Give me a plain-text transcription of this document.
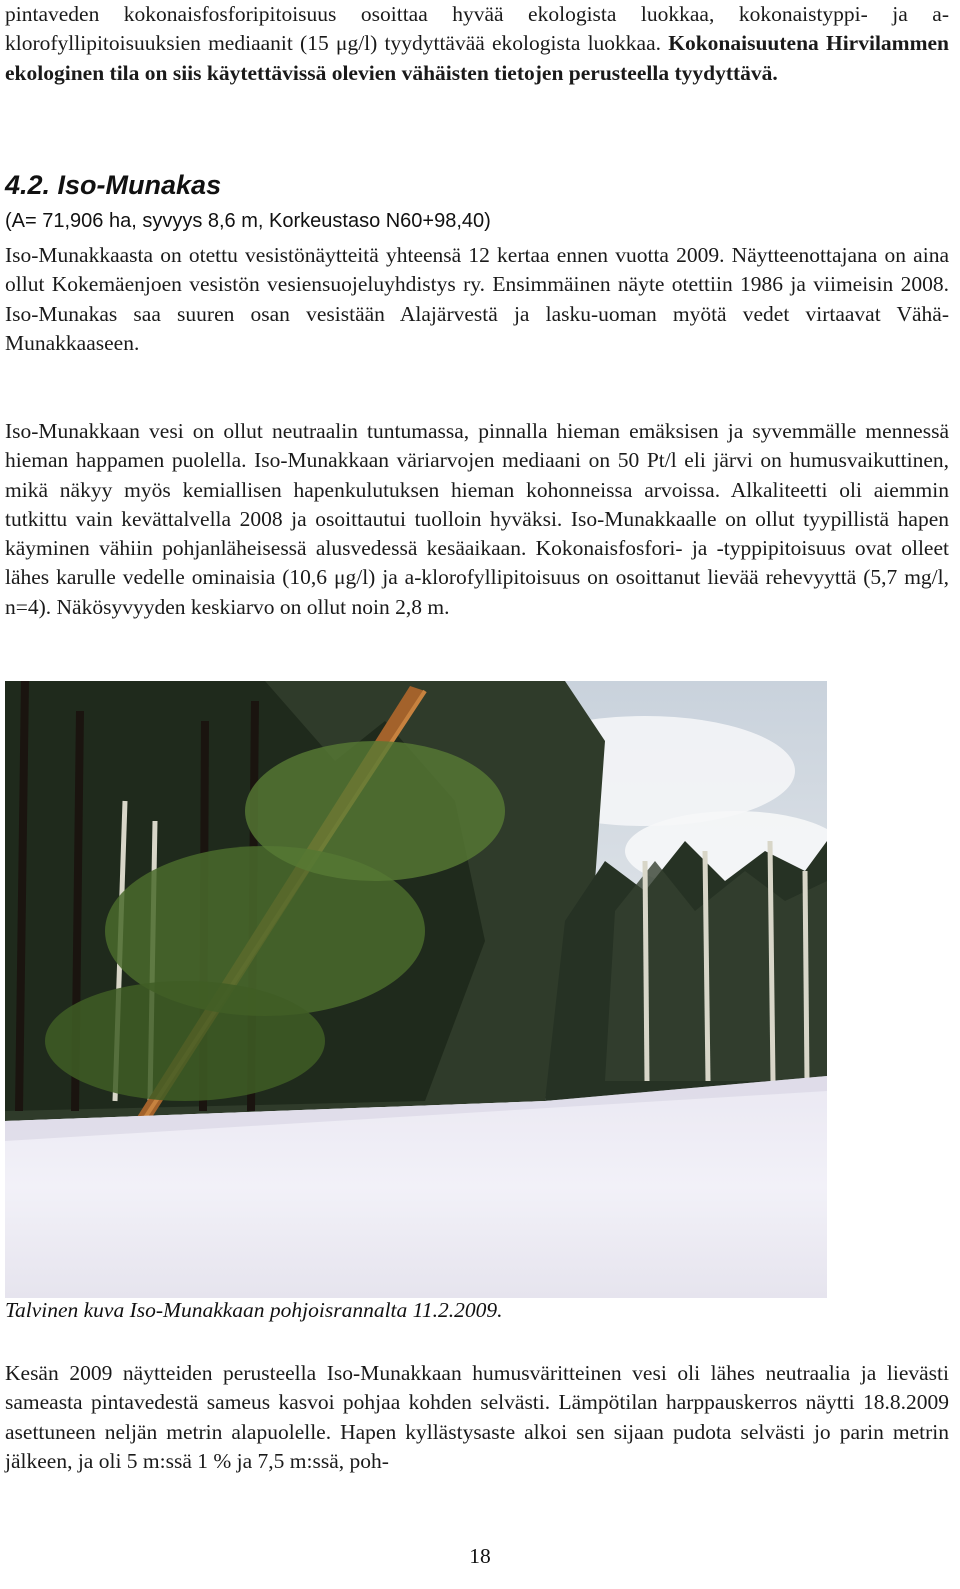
pintaveden kokonaisfosforipitoisuus osoittaa hyvää ekologista luokkaa, kokonaistyppi- ja a-klorofyllipitoisuuksien mediaanit (15 μg/l) tyydyttävää ekologista luokkaa. Kokonaisuutena Hirvilammen ekologinen tila on siis käytettävissä olevien vähäisten tietojen perusteella tyydyttävä.

4.2. Iso-Munakas

(A= 71,906 ha, syvyys 8,6 m, Korkeustaso N60+98,40)

Iso-Munakkaasta on otettu vesistönäytteitä yhteensä 12 kertaa ennen vuotta 2009. Näytteenottajana on aina ollut Kokemäenjoen vesistön vesiensuojeluyhdistys ry. Ensimmäinen näyte otettiin 1986 ja viimeisin 2008. Iso-Munakas saa suuren osan vesistään Alajärvestä ja lasku-uoman myötä vedet virtaavat Vähä-Munakkaaseen.

Iso-Munakkaan vesi on ollut neutraalin tuntumassa, pinnalla hieman emäksisen ja syvemmälle mennessä hieman happamen puolella. Iso-Munakkaan väriarvojen mediaani on 50 Pt/l eli järvi on humusvaikuttinen, mikä näkyy myös kemiallisen hapenkulutuksen hieman kohonneissa arvoissa. Alkaliteetti oli aiemmin tutkittu vain kevättalvella 2008 ja osoittautui tuolloin hyväksi. Iso-Munakkaalle on ollut tyypillistä hapen käyminen vähiin pohjanläheisessä alusvedessä kesäaikaan. Kokonaisfosfori- ja -typpipitoisuus ovat olleet lähes karulle vedelle ominaisia (10,6 μg/l) ja a-klorofyllipitoisuus on osoittanut lievää rehevyyttä (5,7 mg/l, n=4). Näkösyvyyden keskiarvo on ollut noin 2,8 m.

Talvinen kuva Iso-Munakkaan pohjoisrannalta 11.2.2009.

Kesän 2009 näytteiden perusteella Iso-Munakkaan humusväritteinen vesi oli lähes neutraalia ja lievästi sameasta pintavedestä sameus kasvoi pohjaa kohden selvästi. Lämpötilan harppauskerros näytti 18.8.2009 asettuneen neljän metrin alapuolelle. Hapen kyllästysaste alkoi sen sijaan pudota selvästi jo parin metrin jälkeen, ja oli 5 m:ssä 1 % ja 7,5 m:ssä, poh-

18
